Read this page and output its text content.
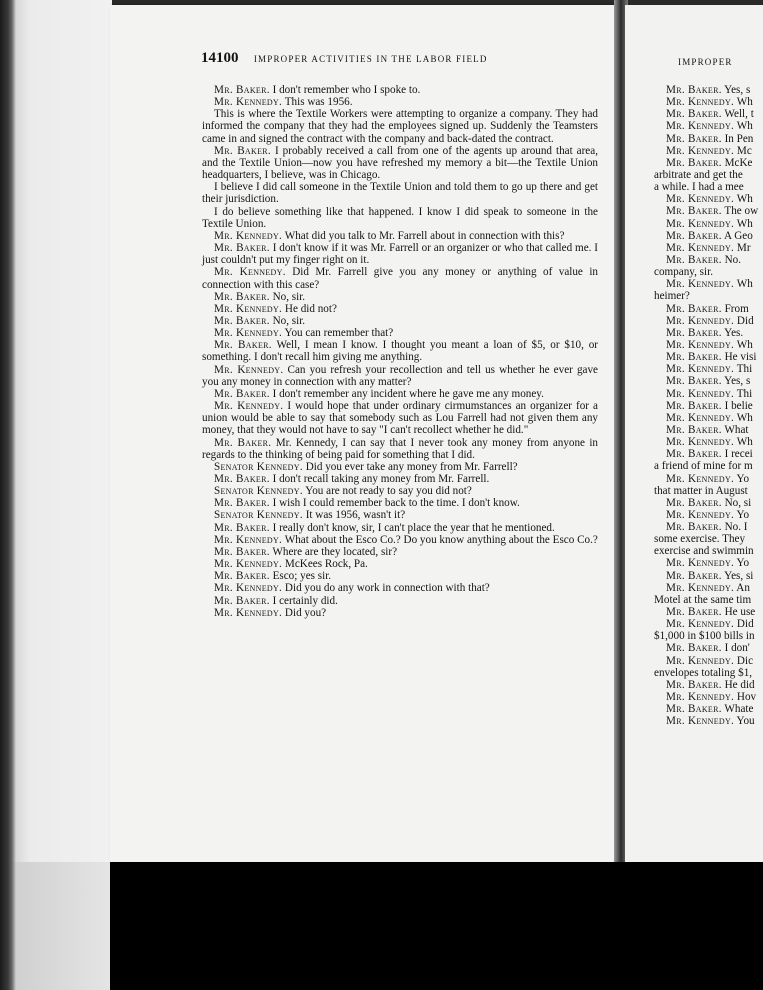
14100 IMPROPER ACTIVITIES IN THE LABOR FIELD

Mr. Baker. I don't remember who I spoke to.

Mr. Kennedy. This was 1956.

This is where the Textile Workers were attempting to organize a company. They had informed the company that they had the employees signed up. Suddenly the Teamsters came in and signed the contract with the company and back-dated the contract.

Mr. Baker. I probably received a call from one of the agents up around that area, and the Textile Union—now you have refreshed my memory a bit—the Textile Union headquarters, I believe, was in Chicago.

I believe I did call someone in the Textile Union and told them to go up there and get their jurisdiction.

I do believe something like that happened. I know I did speak to someone in the Textile Union.

Mr. Kennedy. What did you talk to Mr. Farrell about in connection with this?

Mr. Baker. I don't know if it was Mr. Farrell or an organizer or who that called me. I just couldn't put my finger right on it.

Mr. Kennedy. Did Mr. Farrell give you any money or anything of value in connection with this case?

Mr. Baker. No, sir.

Mr. Kennedy. He did not?

Mr. Baker. No, sir.

Mr. Kennedy. You can remember that?

Mr. Baker. Well, I mean I know. I thought you meant a loan of $5, or $10, or something. I don't recall him giving me anything.

Mr. Kennedy. Can you refresh your recollection and tell us whether he ever gave you any money in connection with any matter?

Mr. Baker. I don't remember any incident where he gave me any money.

Mr. Kennedy. I would hope that under ordinary cirmumstances an organizer for a union would be able to say that somebody such as Lou Farrell had not given them any money, that they would not have to say "I can't recollect whether he did."

Mr. Baker. Mr. Kennedy, I can say that I never took any money from anyone in regards to the thinking of being paid for something that I did.

Senator Kennedy. Did you ever take any money from Mr. Farrell?

Mr. Baker. I don't recall taking any money from Mr. Farrell.

Senator Kennedy. You are not ready to say you did not?

Mr. Baker. I wish I could remember back to the time. I don't know.

Senator Kennedy. It was 1956, wasn't it?

Mr. Baker. I really don't know, sir, I can't place the year that he mentioned.

Mr. Kennedy. What about the Esco Co.? Do you know anything about the Esco Co.?

Mr. Baker. Where are they located, sir?

Mr. Kennedy. McKees Rock, Pa.

Mr. Baker. Esco; yes sir.

Mr. Kennedy. Did you do any work in connection with that?

Mr. Baker. I certainly did.

Mr. Kennedy. Did you?

IMPROPER
Mr. Baker. Yes, s
Mr. Kennedy. Wh
Mr. Baker. Well, t
Mr. Kennedy. Wh
Mr. Baker. In Pen
Mr. Kennedy. Mc
Mr. Baker. McKe
arbitrate and get the
a while. I had a mee
Mr. Kennedy. Wh
Mr. Baker. The ow
Mr. Kennedy. Wh
Mr. Baker. A Geo
Mr. Kennedy. Mr
Mr. Baker. No.
company, sir.
Mr. Kennedy. Wh
heimer?
Mr. Baker. From
Mr. Kennedy. Did
Mr. Baker. Yes.
Mr. Kennedy. Wh
Mr. Baker. He visi
Mr. Kennedy. Thi
Mr. Baker. Yes, s
Mr. Kennedy. Thi
Mr. Baker. I belie
Mr. Kennedy. Wh
Mr. Baker. What
Mr. Kennedy. Wh
Mr. Baker. I recei
a friend of mine for m
Mr. Kennedy. Yo
that matter in August
Mr. Baker. No, si
Mr. Kennedy. Yo
Mr. Baker. No. I
some exercise. They
exercise and swimmin
Mr. Kennedy. Yo
Mr. Baker. Yes, si
Mr. Kennedy. An
Motel at the same tim
Mr. Baker. He use
Mr. Kennedy. Did
$1,000 in $100 bills in
Mr. Baker. I don'
Mr. Kennedy. Dic
envelopes totaling $1,
Mr. Baker. He did
Mr. Kennedy. Hov
Mr. Baker. Whate
Mr. Kennedy. You
